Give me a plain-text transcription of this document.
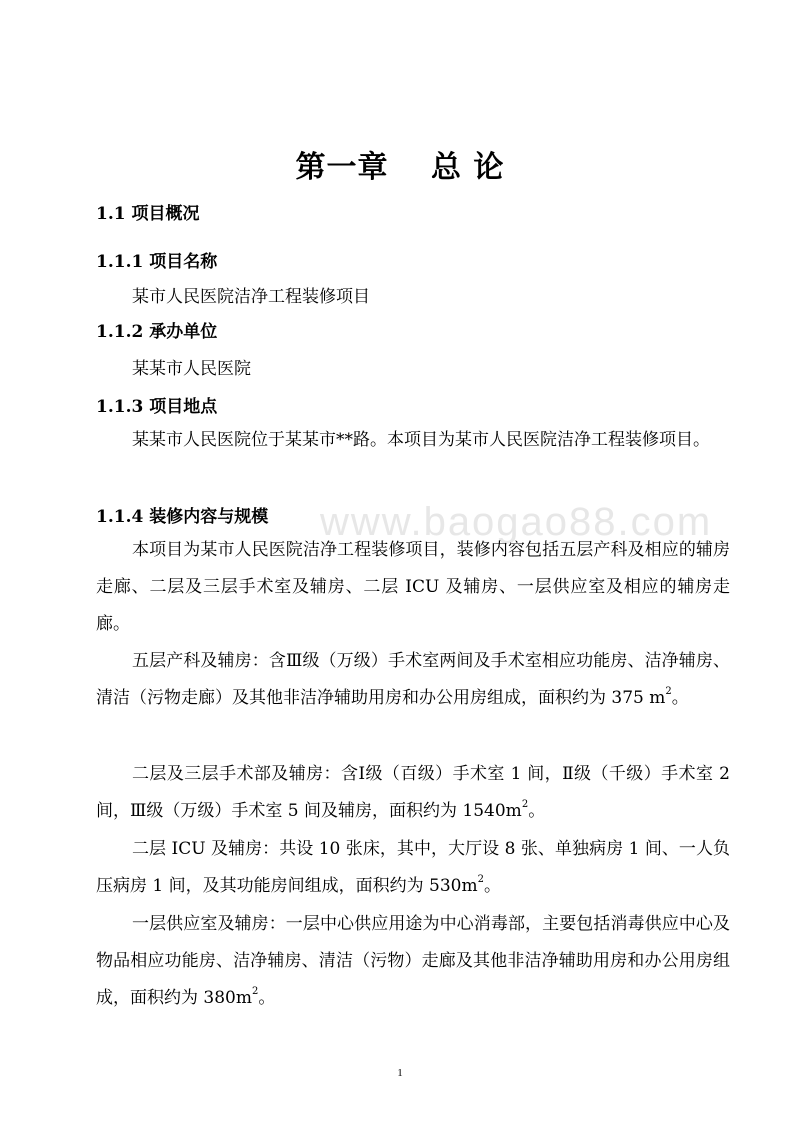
www.baogao88.com
第一章　 总 论

1.1 项目概况

1.1.1 项目名称

某市人民医院洁净工程装修项目

1.1.2 承办单位

某某市人民医院

1.1.3 项目地点

某某市人民医院位于某某市**路。本项目为某市人民医院洁净工程装修项目。

1.1.4 装修内容与规模

本项目为某市人民医院洁净工程装修项目，装修内容包括五层产科及相应的辅房走廊、二层及三层手术室及辅房、二层 ICU 及辅房、一层供应室及相应的辅房走廊。

五层产科及辅房：含Ⅲ级（万级）手术室两间及手术室相应功能房、洁净辅房、清洁（污物走廊）及其他非洁净辅助用房和办公用房组成，面积约为 375 $m^2$。

二层及三层手术部及辅房：含Ⅰ级（百级）手术室 1 间，Ⅱ级（千级）手术室 2 间，Ⅲ级（万级）手术室 5 间及辅房，面积约为 $1540m^2$。

二层 ICU 及辅房：共设 10 张床，其中，大厅设 8 张、单独病房 1 间、一人负压病房 1 间，及其功能房间组成，面积约为 $530m^2$。

一层供应室及辅房：一层中心供应用途为中心消毒部，主要包括消毒供应中心及物品相应功能房、洁净辅房、清洁（污物）走廊及其他非洁净辅助用房和办公用房组成，面积约为 $380m^2$。

1
